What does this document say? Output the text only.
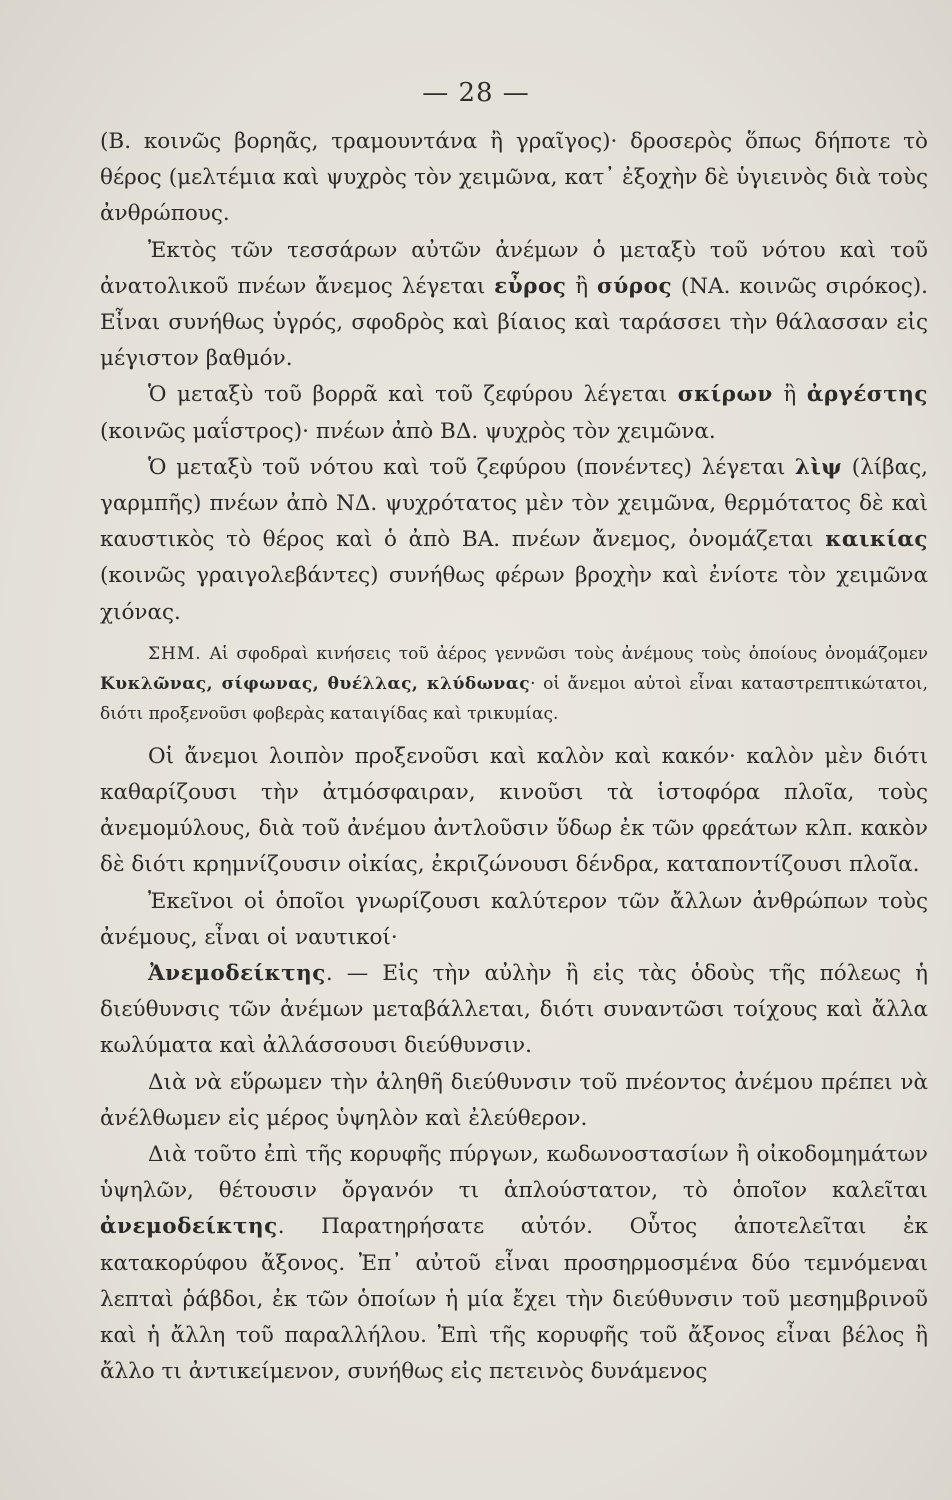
— 28 —

(Β. κοινῶς βορηᾶς, τραμουντάνα ἢ γραῖγος)· δροσερὸς ὅπως δήποτε τὸ θέρος (μελτέμια καὶ ψυχρὸς τὸν χειμῶνα, κατ᾽ ἐξοχὴν δὲ ὑγιεινὸς διὰ τοὺς ἀνθρώπους.

Ἐκτὸς τῶν τεσσάρων αὐτῶν ἀνέμων ὁ μεταξὺ τοῦ νότου καὶ τοῦ ἀνατολικοῦ πνέων ἄνεμος λέγεται εὖρος ἢ σύρος (ΝΑ. κοινῶς σιρόκος). Εἶναι συνήθως ὑγρός, σφοδρὸς καὶ βίαιος καὶ ταράσσει τὴν θάλασσαν εἰς μέγιστον βαθμόν.

Ὁ μεταξὺ τοῦ βορρᾶ καὶ τοῦ ζεφύρου λέγεται σκίρων ἢ ἀργέστης (κοινῶς μαΐστρος)· πνέων ἀπὸ ΒΔ. ψυχρὸς τὸν χειμῶνα.

Ὁ μεταξὺ τοῦ νότου καὶ τοῦ ζεφύρου (πονέντες) λέγεται λὶψ (λίβας, γαρμπῆς) πνέων ἀπὸ ΝΔ. ψυχρότατος μὲν τὸν χειμῶνα, θερμότατος δὲ καὶ καυστικὸς τὸ θέρος καὶ ὁ ἀπὸ ΒΑ. πνέων ἄνεμος, ὀνομάζεται καικίας (κοινῶς γραιγολεβάντες) συνήθως φέρων βροχὴν καὶ ἐνίοτε τὸν χειμῶνα χιόνας.

ΣΗΜ. Αἱ σφοδραὶ κινήσεις τοῦ ἀέρος γεννῶσι τοὺς ἀνέμους τοὺς ὁποίους ὀνομάζομεν Κυκλῶνας, σίφωνας, θυέλλας, κλύδωνας· οἱ ἄνεμοι αὐτοὶ εἶναι καταστρεπτικώτατοι, διότι προξενοῦσι φοβερὰς καταιγίδας καὶ τρικυμίας.

Οἱ ἄνεμοι λοιπὸν προξενοῦσι καὶ καλὸν καὶ κακόν· καλὸν μὲν διότι καθαρίζουσι τὴν ἀτμόσφαιραν, κινοῦσι τὰ ἱστοφόρα πλοῖα, τοὺς ἀνεμομύλους, διὰ τοῦ ἀνέμου ἀντλοῦσιν ὕδωρ ἐκ τῶν φρεάτων κλπ. κακὸν δὲ διότι κρημνίζουσιν οἰκίας, ἐκριζώνουσι δένδρα, καταποντίζουσι πλοῖα.

Ἐκεῖνοι οἱ ὁποῖοι γνωρίζουσι καλύτερον τῶν ἄλλων ἀνθρώπων τοὺς ἀνέμους, εἶναι οἱ ναυτικοί·

Ἀνεμοδείκτης. — Εἰς τὴν αὐλὴν ἢ εἰς τὰς ὁδοὺς τῆς πόλεως ἡ διεύθυνσις τῶν ἀνέμων μεταβάλλεται, διότι συναντῶσι τοίχους καὶ ἄλλα κωλύματα καὶ ἀλλάσσουσι διεύθυνσιν.

Διὰ νὰ εὕρωμεν τὴν ἀληθῆ διεύθυνσιν τοῦ πνέοντος ἀνέμου πρέπει νὰ ἀνέλθωμεν εἰς μέρος ὑψηλὸν καὶ ἐλεύθερον.

Διὰ τοῦτο ἐπὶ τῆς κορυφῆς πύργων, κωδωνοστασίων ἢ οἰκοδομημάτων ὑψηλῶν, θέτουσιν ὄργανόν τι ἁπλούστατον, τὸ ὁποῖον καλεῖται ἀνεμοδείκτης. Παρατηρήσατε αὐτόν. Οὗτος ἀποτελεῖται ἐκ κατακορύφου ἄξονος. Ἐπ᾽ αὐτοῦ εἶναι προσηρμοσμένα δύο τεμνόμεναι λεπταὶ ῥάβδοι, ἐκ τῶν ὁποίων ἡ μία ἔχει τὴν διεύθυνσιν τοῦ μεσημβρινοῦ καὶ ἡ ἄλλη τοῦ παραλλήλου. Ἐπὶ τῆς κορυφῆς τοῦ ἄξονος εἶναι βέλος ἢ ἄλλο τι ἀντικείμενον, συνήθως εἰς πετεινὸς δυνάμενος
